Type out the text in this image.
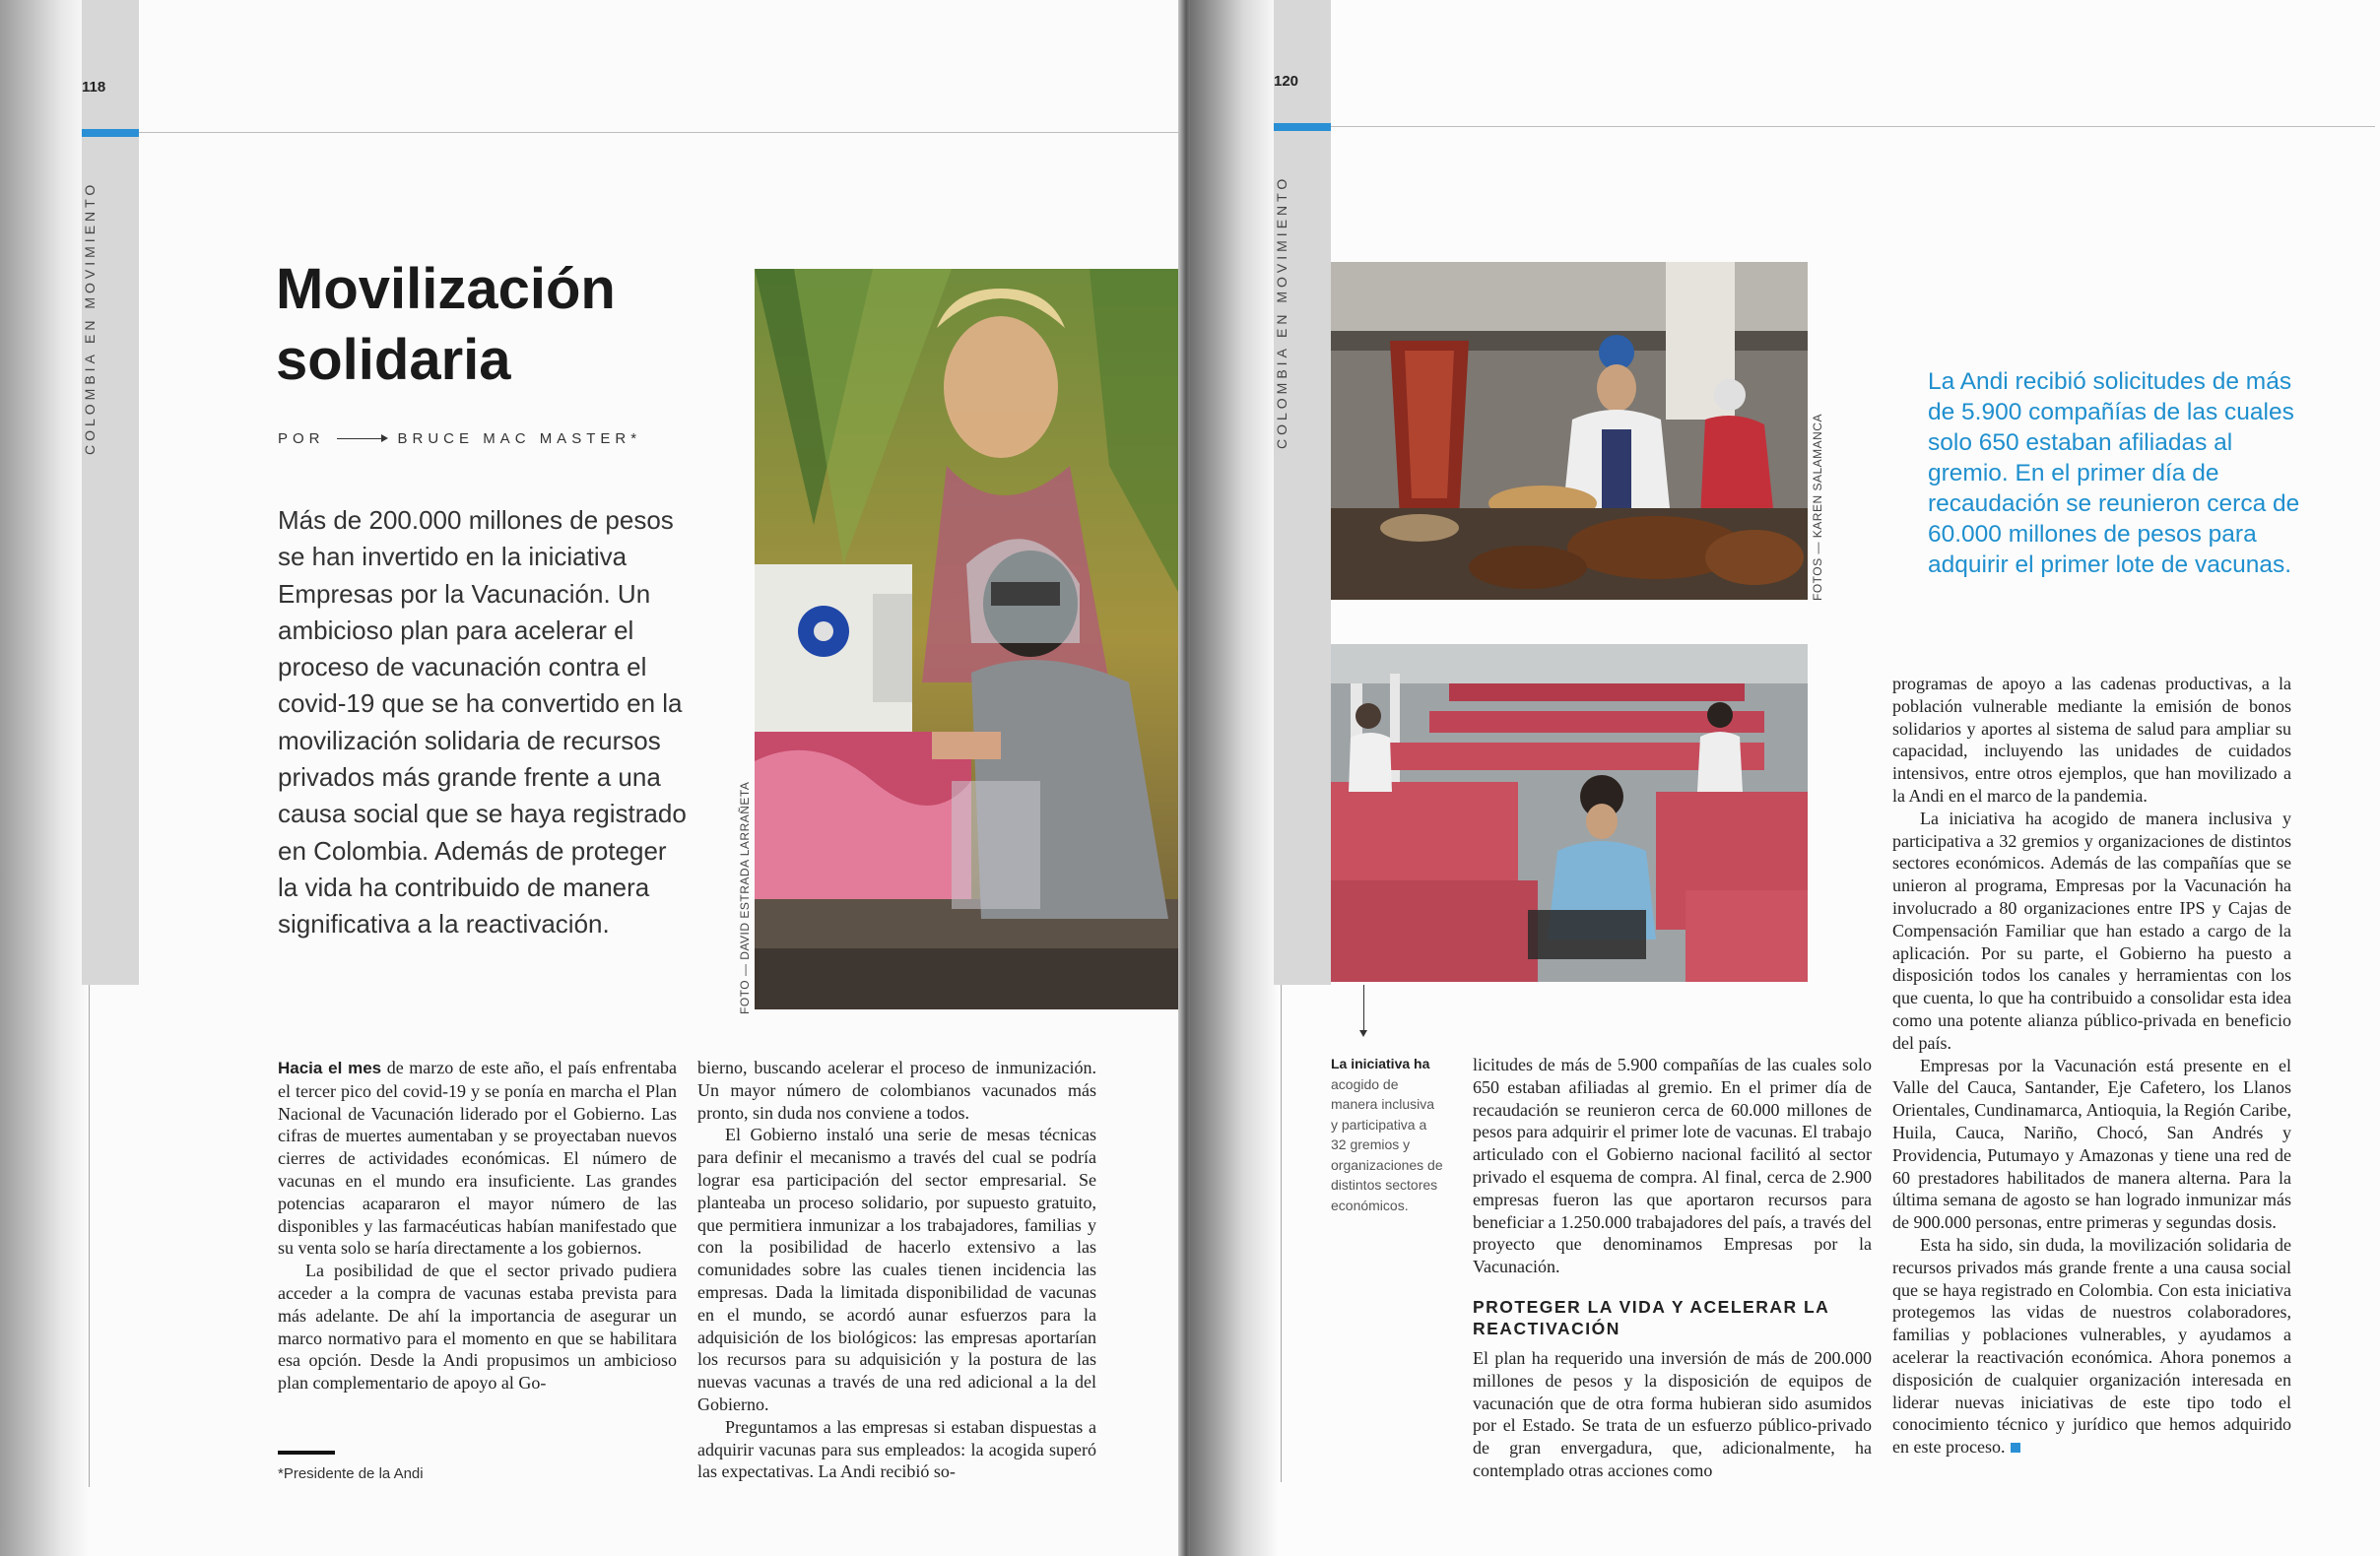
118
COLOMBIA EN MOVIMIENTO	Movilización
solidaria
POR	BRUCE MAC MASTER*
Más de 200.000 millones de pesos se han invertido en la iniciativa Empresas por la Vacunación. Un ambicioso plan para acelerar el proceso de vacunación contra el covid-19 que se ha convertido en la movilización solidaria de recursos privados más grande frente a una causa social que se haya registrado en Colombia. Además de proteger la vida ha contribuido de manera significativa a la reactivación.	FOTO — DAVID ESTRADA LARRAÑETA

Hacia el mes de marzo de este año, el país enfrentaba el tercer pico del covid-19 y se ponía en marcha el Plan Nacional de Vacunación liderado por el Gobierno. Las cifras de muertes aumentaban y se proyectaban nuevos cierres de actividades económicas. El número de vacunas en el mundo era insuficiente. Las grandes potencias acapararon el mayor número de las disponibles y las farmacéuticas habían manifestado que su venta solo se haría directamente a los gobiernos.

La posibilidad de que el sector privado pudiera acceder a la compra de vacunas estaba prevista para más adelante. De ahí la importancia de asegurar un marco normativo para el momento en que se habilitara esa opción. Desde la Andi propusimos un ambicioso plan complementario de apoyo al Go-

bierno, buscando acelerar el proceso de inmunización. Un mayor número de colombianos vacunados más pronto, sin duda nos conviene a todos.

El Gobierno instaló una serie de mesas técnicas para definir el mecanismo a través del cual se podría lograr esa participación del sector empresarial. Se planteaba un proceso solidario, por supuesto gratuito, que permitiera inmunizar a los trabajadores, familias y con la posibilidad de hacerlo extensivo a las comunidades sobre las cuales tienen incidencia las empresas. Dada la limitada disponibilidad de vacunas en el mundo, se acordó aunar esfuerzos para la adquisición de los biológicos: las empresas aportarían los recursos para su adquisición y la postura de las nuevas vacunas a través de una red adicional a la del Gobierno.

Preguntamos a las empresas si estaban dispuestas a adquirir vacunas para sus empleados: la acogida superó las expectativas. La Andi recibió so-

*Presidente de la Andi
120
COLOMBIA EN MOVIMIENTO
FOTOS — KAREN SALAMANCA
La iniciativa ha acogido de manera inclusiva y participativa a 32 gremios y organizaciones de distintos sectores económicos.
La Andi recibió solicitudes de más de 5.900 compañías de las cuales solo 650 estaban afiliadas al gremio. En el primer día de recaudación se reunieron cerca de 60.000 millones de pesos para adquirir el primer lote de vacunas.

licitudes de más de 5.900 compañías de las cuales solo 650 estaban afiliadas al gremio. En el primer día de recaudación se reunieron cerca de 60.000 millones de pesos para adquirir el primer lote de vacunas. El trabajo articulado con el Gobierno nacional facilitó al sector privado el esquema de compra. Al final, cerca de 2.900 empresas fueron las que aportaron recursos para beneficiar a 1.250.000 trabajadores del país, a través del proyecto que denominamos Empresas por la Vacunación.

PROTEGER LA VIDA Y ACELERAR LA REACTIVACIÓN

El plan ha requerido una inversión de más de 200.000 millones de pesos y la disposición de equipos de vacunación que de otra forma hubieran sido asumidos por el Estado. Se trata de un esfuerzo público-privado de gran envergadura, que, adicionalmente, ha contemplado otras acciones como

programas de apoyo a las cadenas productivas, a la población vulnerable mediante la emisión de bonos solidarios y aportes al sistema de salud para ampliar su capacidad, incluyendo las unidades de cuidados intensivos, entre otros ejemplos, que han movilizado a la Andi en el marco de la pandemia.

La iniciativa ha acogido de manera inclusiva y participativa a 32 gremios y organizaciones de distintos sectores económicos. Además de las compañías que se unieron al programa, Empresas por la Vacunación ha involucrado a 80 organizaciones entre IPS y Cajas de Compensación Familiar que han estado a cargo de la aplicación. Por su parte, el Gobierno ha puesto a disposición todos los canales y herramientas con los que cuenta, lo que ha contribuido a consolidar esta idea como una potente alianza público-privada en beneficio del país.

Empresas por la Vacunación está presente en el Valle del Cauca, Santander, Eje Cafetero, los Llanos Orientales, Cundinamarca, Antioquia, la Región Caribe, Huila, Cauca, Nariño, Chocó, San Andrés y Providencia, Putumayo y Amazonas y tiene una red de 60 prestadores habilitados de manera alterna. Para la última semana de agosto se han logrado inmunizar más de 900.000 personas, entre primeras y segundas dosis.

Esta ha sido, sin duda, la movilización solidaria de recursos privados más grande frente a una causa social que se haya registrado en Colombia. Con esta iniciativa protegemos las vidas de nuestros colaboradores, familias y poblaciones vulnerables, y ayudamos a acelerar la reactivación económica. Ahora ponemos a disposición de cualquier organización interesada en liderar nuevas iniciativas de este tipo todo el conocimiento técnico y jurídico que hemos adquirido en este proceso.
